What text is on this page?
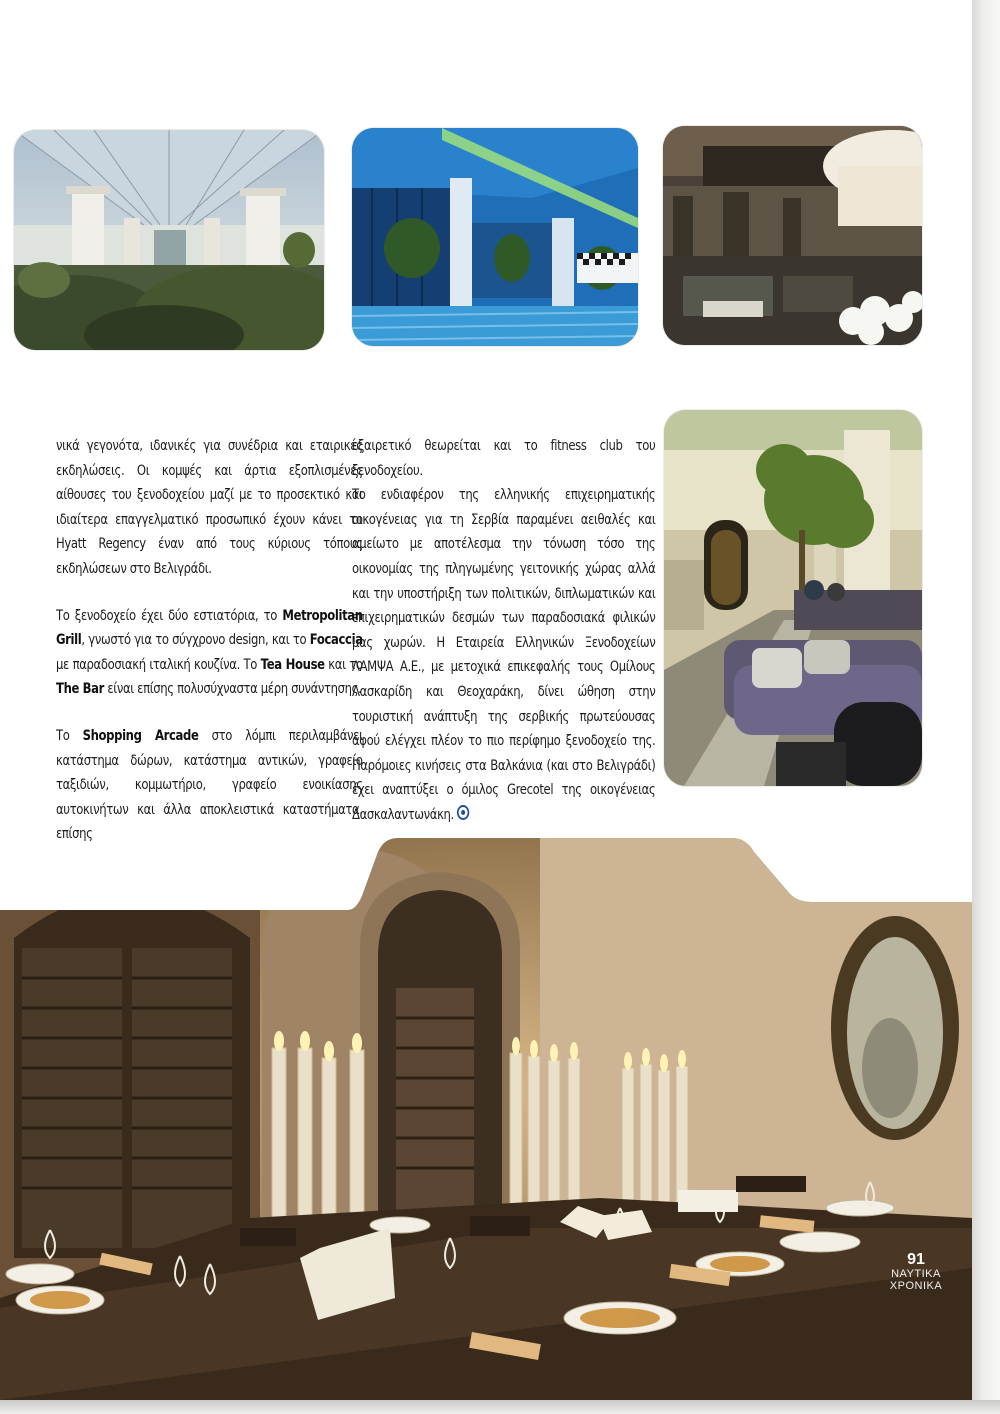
νικά γεγονότα, ιδανικές για συνέδρια και εταιρικές εκδηλώσεις. Οι κομψές και άρτια εξοπλισμένες αίθουσες του ξενοδοχείου μαζί με το προσεκτικό και ιδιαίτερα επαγγελματικό προσωπικό έχουν κάνει το Hyatt Regency έναν από τους κύριους τόπους εκδηλώσεων στο Βελιγράδι.

Το ξενοδοχείο έχει δύο εστιατόρια, το Metropolitan Grill, γνωστό για το σύγχρονο design, και το Focaccia με παραδοσιακή ιταλική κουζίνα. Το Tea House και το The Bar είναι επίσης πολυσύχναστα μέρη συνάντησης.

Το Shopping Arcade στο λόμπι περιλαμβάνει κατάστημα δώρων, κατάστημα αντικών, γραφείο ταξιδιών, κομμωτήριο, γραφείο ενοικίασης αυτοκινήτων και άλλα αποκλειστικά καταστήματα, επίσης

εξαιρετικό θεωρείται και το fitness club του ξενοδοχείου.

Το ενδιαφέρον της ελληνικής επιχειρηματικής οικογένειας για τη Σερβία παραμένει αειθαλές και αμείωτο με αποτέλεσμα την τόνωση τόσο της οικονομίας της πληγωμένης γειτονικής χώρας αλλά και την υποστήριξη των πολιτικών, διπλωματικών και επιχειρηματικών δεσμών των παραδοσιακά φιλικών μας χωρών. Η Εταιρεία Ελληνικών Ξενοδοχείων ΛΑΜΨΑ Α.Ε., με μετοχικά επικεφαλής τους Ομίλους Λασκαρίδη και Θεοχαράκη, δίνει ώθηση στην τουριστική ανάπτυξη της σερβικής πρωτεύουσας αφού ελέγχει πλέον το πιο περίφημο ξενοδοχείο της. Παρόμοιες κινήσεις στα Βαλκάνια (και στο Βελιγράδι) έχει αναπτύξει ο όμιλος Grecotel της οικογένειας Δασκαλαντωνάκη.

91
ΝΑΥΤΙΚΑ
ΧΡΟΝΙΚΑ
